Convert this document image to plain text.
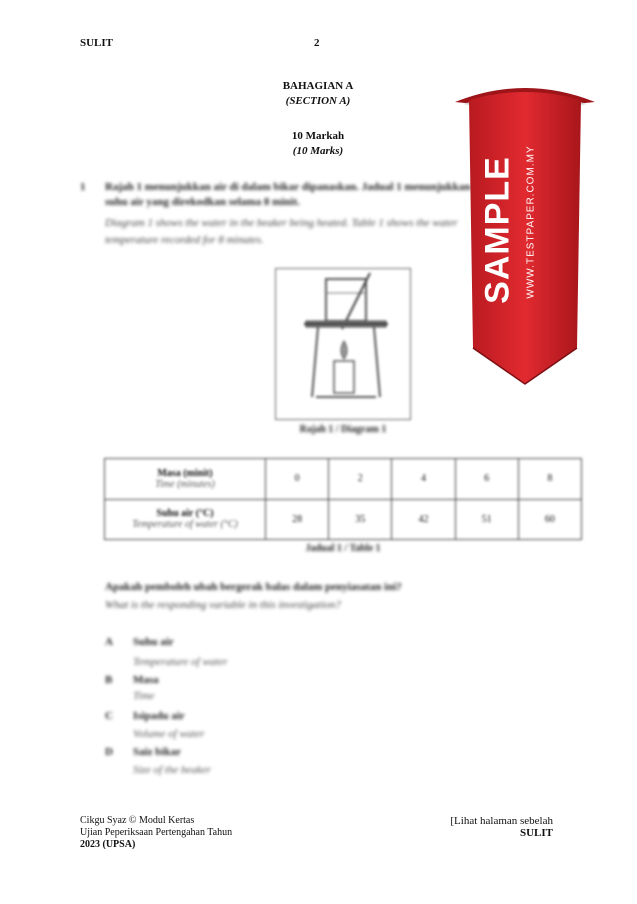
SULIT	2
BAHAGIAN A
(SECTION A)
10 Markah
(10 Marks)
1 Rajah 1 menunjukkan air di dalam bikar dipanaskan. Jadual 1 menunjukkan
suhu air yang direkodkan selama 8 minit.
Diagram 1 shows the water in the beaker being heated. Table 1 shows the water
temperature recorded for 8 minutes.
Rajah 1 / Diagram 1
Masa (minit)
Time (minutes)	0	2	4	6	8

Suhu air (°C)
Temperature of water (°C)	28	35	42	51	60
Jadual 1 / Table 1
Apakah pemboleh ubah bergerak balas dalam penyiasatan ini?
What is the responding variable in this investigation?
A Suhu air
Temperature of water
B Masa
Time
C Isipadu air
Volume of water
D Saiz bikar
Size of the beaker
Cikgu Syaz © Modul Kertas
Ujian Peperiksaan Pertengahan Tahun
2023 (UPSA)
[Lihat halaman sebelah
SULIT
SAMPLE WWW.TESTPAPER.COM.MY
